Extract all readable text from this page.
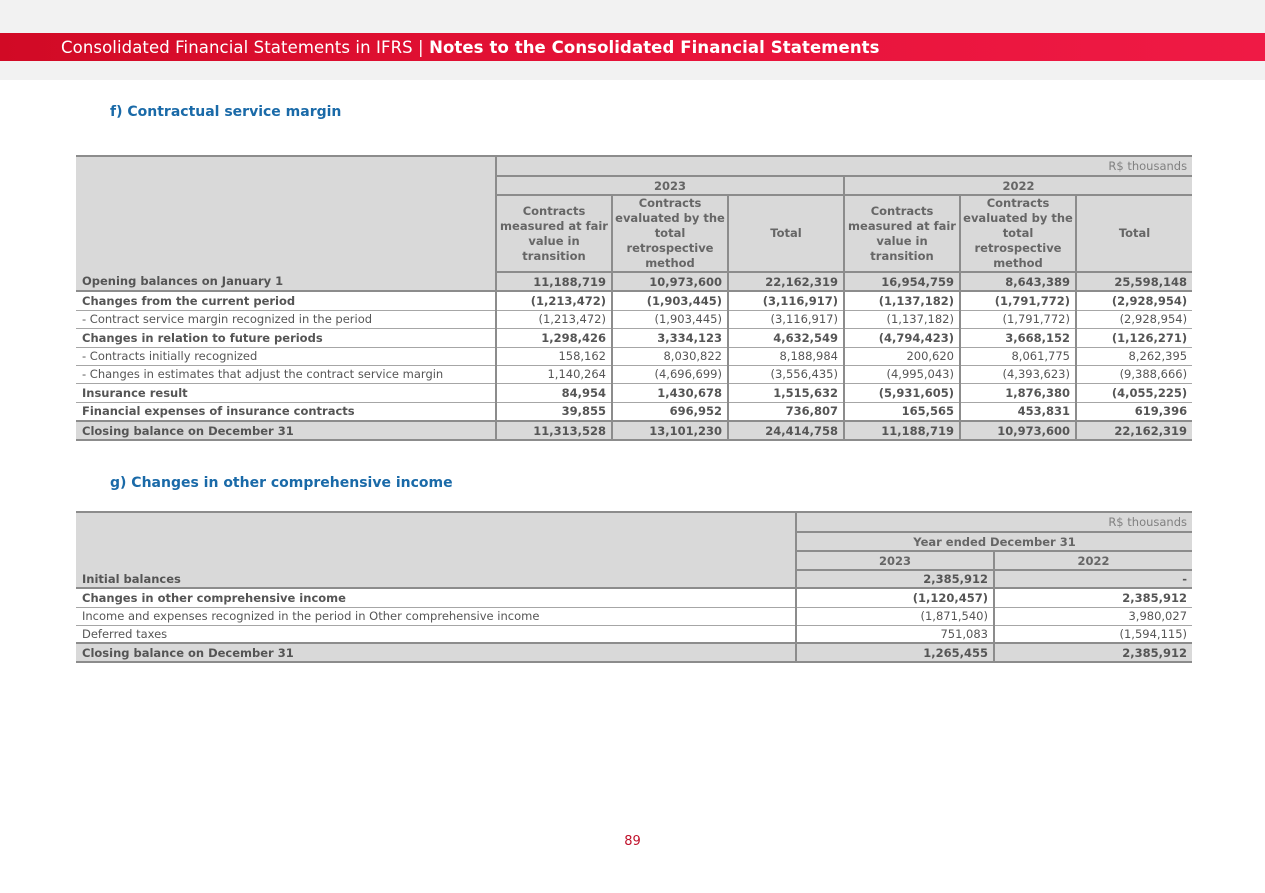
Consolidated Financial Statements in IFRS | Notes to the Consolidated Financial Statements
f) Contractual service margin
	R$ thousands					
	2023			2022		
	Contracts measured at fair value in transition	Contracts evaluated by the total retrospective method	Total	Contracts measured at fair value in transition	Contracts evaluated by the total retrospective method	Total
Opening balances on January 1	11,188,719	10,973,600	22,162,319	16,954,759	8,643,389	25,598,148
Changes from the current period	(1,213,472)	(1,903,445)	(3,116,917)	(1,137,182)	(1,791,772)	(2,928,954)
- Contract service margin recognized in the period	(1,213,472)	(1,903,445)	(3,116,917)	(1,137,182)	(1,791,772)	(2,928,954)
Changes in relation to future periods	1,298,426	3,334,123	4,632,549	(4,794,423)	3,668,152	(1,126,271)
- Contracts initially recognized	158,162	8,030,822	8,188,984	200,620	8,061,775	8,262,395
- Changes in estimates that adjust the contract service margin	1,140,264	(4,696,699)	(3,556,435)	(4,995,043)	(4,393,623)	(9,388,666)
Insurance result	84,954	1,430,678	1,515,632	(5,931,605)	1,876,380	(4,055,225)
Financial expenses of insurance contracts	39,855	696,952	736,807	165,565	453,831	619,396
Closing balance on December 31	11,313,528	13,101,230	24,414,758	11,188,719	10,973,600	22,162,319
g) Changes in other comprehensive income
	R$ thousands	
	Year ended December 31	
	2023	2022
Initial balances	2,385,912	-
Changes in other comprehensive income	(1,120,457)	2,385,912
Income and expenses recognized in the period in Other comprehensive income	(1,871,540)	3,980,027
Deferred taxes	751,083	(1,594,115)
Closing balance on December 31	1,265,455	2,385,912
89
